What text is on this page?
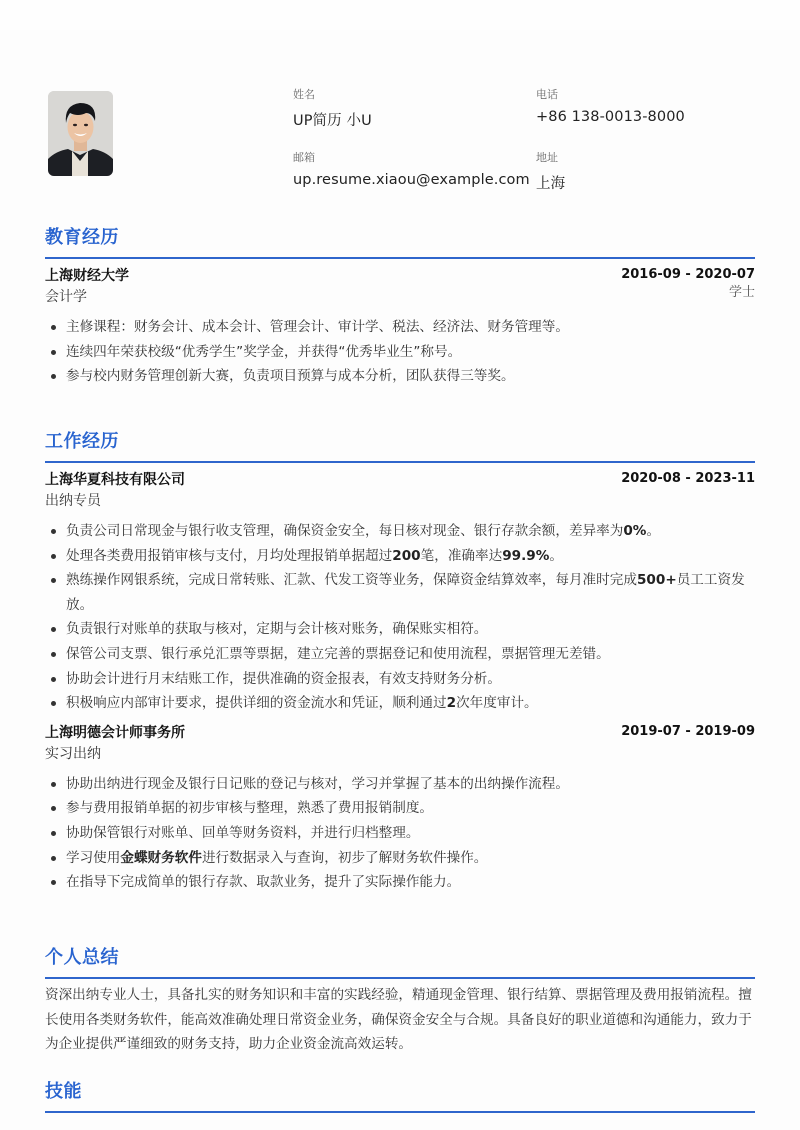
姓名
UP简历 小U
电话
+86 138-0013-8000
邮箱
up.resume.xiaou@example.com
地址
上海
教育经历
上海财经大学	2016-09 - 2020-07
会计学	学士
主修课程：财务会计、成本会计、管理会计、审计学、税法、经济法、财务管理等。
连续四年荣获校级“优秀学生”奖学金，并获得“优秀毕业生”称号。
参与校内财务管理创新大赛，负责项目预算与成本分析，团队获得三等奖。
工作经历
上海华夏科技有限公司	2020-08 - 2023-11
出纳专员
负责公司日常现金与银行收支管理，确保资金安全，每日核对现金、银行存款余额，差异率为0%。
处理各类费用报销审核与支付，月均处理报销单据超过200笔，准确率达99.9%。
熟练操作网银系统，完成日常转账、汇款、代发工资等业务，保障资金结算效率，每月准时完成500+员工工资发放。
负责银行对账单的获取与核对，定期与会计核对账务，确保账实相符。
保管公司支票、银行承兑汇票等票据，建立完善的票据登记和使用流程，票据管理无差错。
协助会计进行月末结账工作，提供准确的资金报表，有效支持财务分析。
积极响应内部审计要求，提供详细的资金流水和凭证，顺利通过2次年度审计。
上海明德会计师事务所	2019-07 - 2019-09
实习出纳
协助出纳进行现金及银行日记账的登记与核对，学习并掌握了基本的出纳操作流程。
参与费用报销单据的初步审核与整理，熟悉了费用报销制度。
协助保管银行对账单、回单等财务资料，并进行归档整理。
学习使用金蝶财务软件进行数据录入与查询，初步了解财务软件操作。
在指导下完成简单的银行存款、取款业务，提升了实际操作能力。
个人总结

资深出纳专业人士，具备扎实的财务知识和丰富的实践经验，精通现金管理、银行结算、票据管理及费用报销流程。擅长使用各类财务软件，能高效准确处理日常资金业务，确保资金安全与合规。具备良好的职业道德和沟通能力，致力于为企业提供严谨细致的财务支持，助力企业资金流高效运转。

技能
